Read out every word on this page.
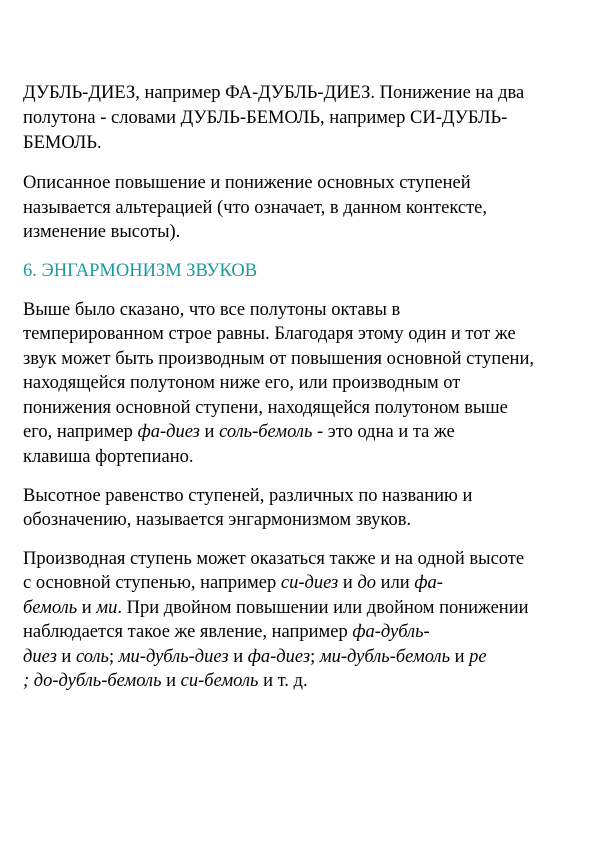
ДУБЛЬ-ДИЕЗ, например ФА-ДУБЛЬ-ДИЕЗ. Понижение на два
полутона - словами ДУБЛЬ-БЕМОЛЬ, например СИ-ДУБЛЬ-
БЕМОЛЬ.
Описанное повышение и понижение основных ступеней
называется альтерацией (что означает, в данном контексте,
изменение высоты).
6. ЭНГАРМОНИЗМ ЗВУКОВ
Выше было сказано, что все полутоны октавы в
темперированном строе равны. Благодаря этому один и тот же
звук может быть производным от повышения основной ступени,
находящейся полутоном ниже его, или производным от
понижения основной ступени, находящейся полутоном выше
его, например фа-диез и соль-бемоль - это одна и та же
клавиша фортепиано.
Высотное равенство ступеней, различных по названию и
обозначению, называется энгармонизмом звуков.
Производная ступень может оказаться также и на одной высоте
с основной ступенью, например си-диез и до или фа-
бемоль и ми. При двойном повышении или двойном понижении
наблюдается такое же явление, например фа-дубль-
диез и соль; ми-дубль-диез и фа-диез; ми-дубль-бемоль и ре
; до-дубль-бемоль и си-бемоль и т. д.
